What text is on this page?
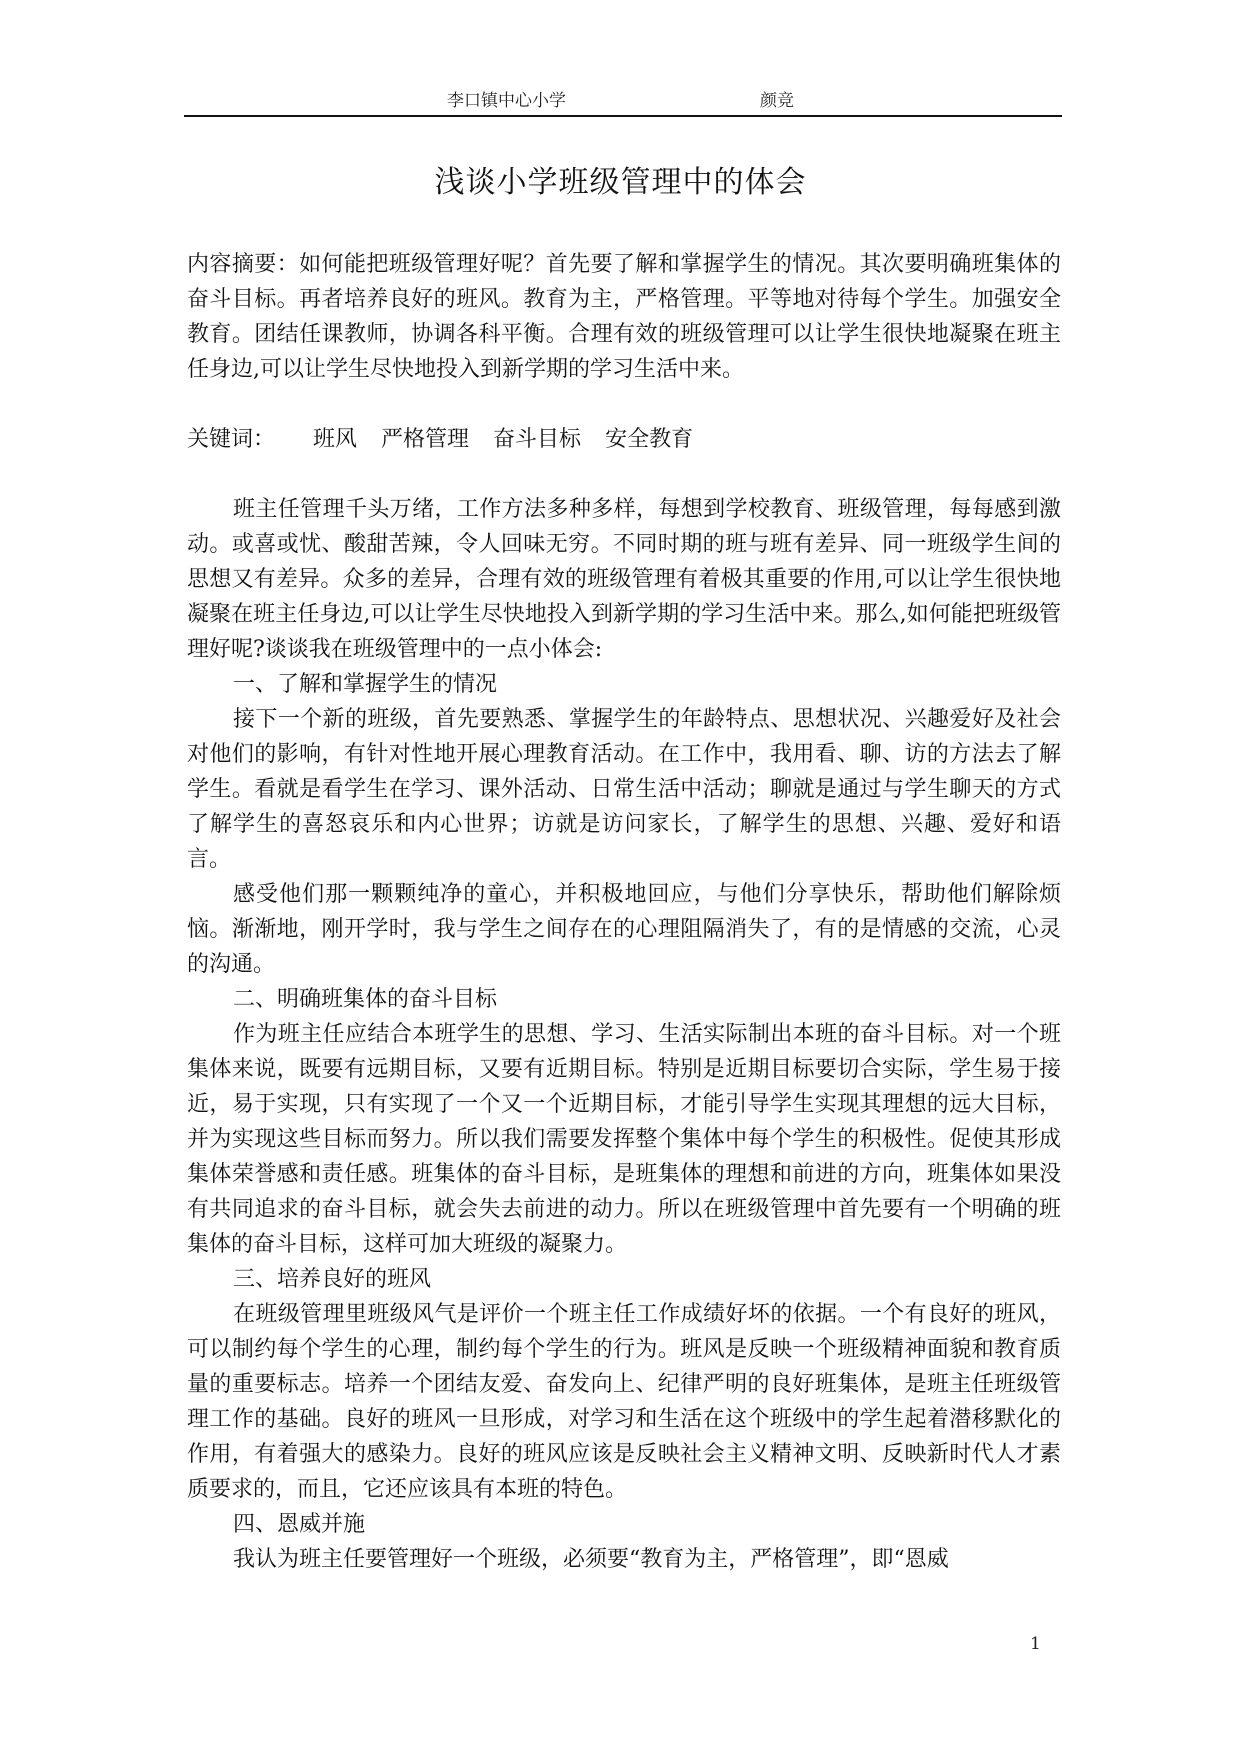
李口镇中心小学	颜竞
浅谈小学班级管理中的体会

内容摘要：如何能把班级管理好呢？首先要了解和掌握学生的情况。其次要明确班集体的奋斗目标。再者培养良好的班风。教育为主，严格管理。平等地对待每个学生。加强安全教育。团结任课教师，协调各科平衡。合理有效的班级管理可以让学生很快地凝聚在班主任身边,可以让学生尽快地投入到新学期的学习生活中来。

关键词： 班风 严格管理 奋斗目标 安全教育

班主任管理千头万绪，工作方法多种多样，每想到学校教育、班级管理，每每感到激动。或喜或忧、酸甜苦辣，令人回味无穷。不同时期的班与班有差异、同一班级学生间的思想又有差异。众多的差异，合理有效的班级管理有着极其重要的作用,可以让学生很快地凝聚在班主任身边,可以让学生尽快地投入到新学期的学习生活中来。那么,如何能把班级管理好呢?谈谈我在班级管理中的一点小体会:

一、了解和掌握学生的情况

接下一个新的班级，首先要熟悉、掌握学生的年龄特点、思想状况、兴趣爱好及社会对他们的影响，有针对性地开展心理教育活动。在工作中，我用看、聊、访的方法去了解学生。看就是看学生在学习、课外活动、日常生活中活动；聊就是通过与学生聊天的方式了解学生的喜怒哀乐和内心世界；访就是访问家长，了解学生的思想、兴趣、爱好和语言。

感受他们那一颗颗纯净的童心，并积极地回应，与他们分享快乐，帮助他们解除烦恼。渐渐地，刚开学时，我与学生之间存在的心理阻隔消失了，有的是情感的交流，心灵的沟通。

二、明确班集体的奋斗目标

作为班主任应结合本班学生的思想、学习、生活实际制出本班的奋斗目标。对一个班集体来说，既要有远期目标，又要有近期目标。特别是近期目标要切合实际，学生易于接近，易于实现，只有实现了一个又一个近期目标，才能引导学生实现其理想的远大目标，并为实现这些目标而努力。所以我们需要发挥整个集体中每个学生的积极性。促使其形成集体荣誉感和责任感。班集体的奋斗目标，是班集体的理想和前进的方向，班集体如果没有共同追求的奋斗目标，就会失去前进的动力。所以在班级管理中首先要有一个明确的班集体的奋斗目标，这样可加大班级的凝聚力。

三、培养良好的班风

在班级管理里班级风气是评价一个班主任工作成绩好坏的依据。一个有良好的班风，可以制约每个学生的心理，制约每个学生的行为。班风是反映一个班级精神面貌和教育质量的重要标志。培养一个团结友爱、奋发向上、纪律严明的良好班集体，是班主任班级管理工作的基础。良好的班风一旦形成，对学习和生活在这个班级中的学生起着潜移默化的作用，有着强大的感染力。良好的班风应该是反映社会主义精神文明、反映新时代人才素质要求的，而且，它还应该具有本班的特色。

四、恩威并施

我认为班主任要管理好一个班级，必须要“教育为主，严格管理”，即“恩威

1
